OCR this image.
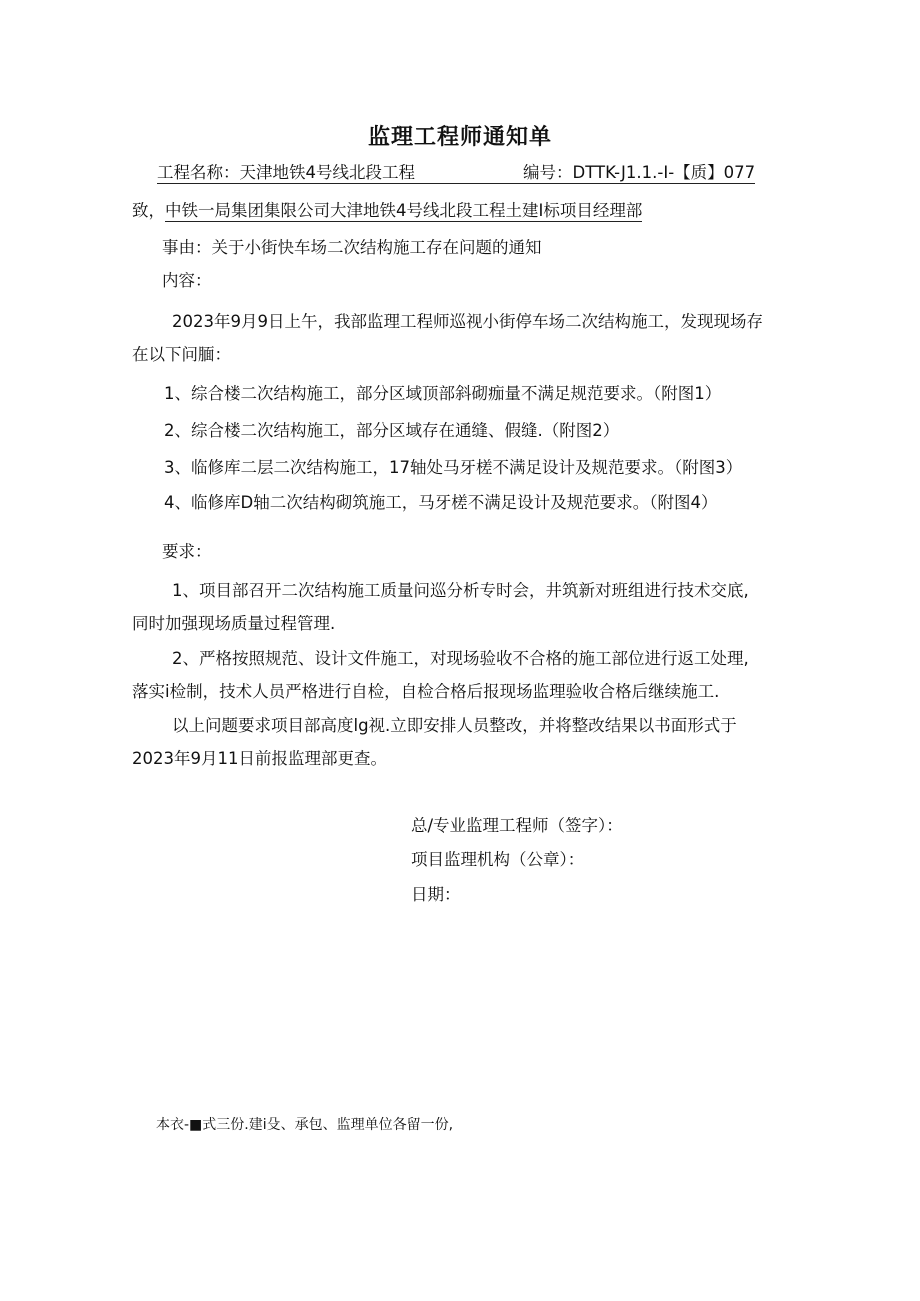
监理工程师通知单
工程名称：天津地铁4号线北段工程	编号：DTTK-J1.1.-I-【质】077
致，中铁一局集团集限公司大津地铁4号线北段工程土建I标项目经理部
事由：关于小街快车场二次结构施工存在问题的通知
内容：
2023年9月9日上午，我部监理工程师巡视小街停车场二次结构施工，发现现场存
在以下问腼：
1、综合楼二次结构施工，部分区域顶部斜砌痂量不满足规范要求。（附图1）
2、综合楼二次结构施工，部分区域存在通缝、假缝.（附图2）
3、临修库二层二次结构施工，17轴处马牙槎不满足设计及规范要求。（附图3）
4、临修库D轴二次结构砌筑施工，马牙槎不满足设计及规范要求。（附图4）
要求：
1、项目部召开二次结构施工质量问巡分析专时会，井筑新对班组进行技术交底,
同时加强现场质量过程管理.
2、严格按照规范、设计文件施工，对现场验收不合格的施工部位进行返工处理,
落实i检制，技术人员严格进行自检，自检合格后报现场监理验收合格后继续施工.
以上问题要求项目部高度lg视.立即安排人员整改，并将整改结果以书面形式于
2023年9月11日前报监理部更查。
总/专业监理工程师（签字）：
项目监理机构（公章）：
日期：
本衣-■式三份.建i殳、承包、监理单位各留一份,
